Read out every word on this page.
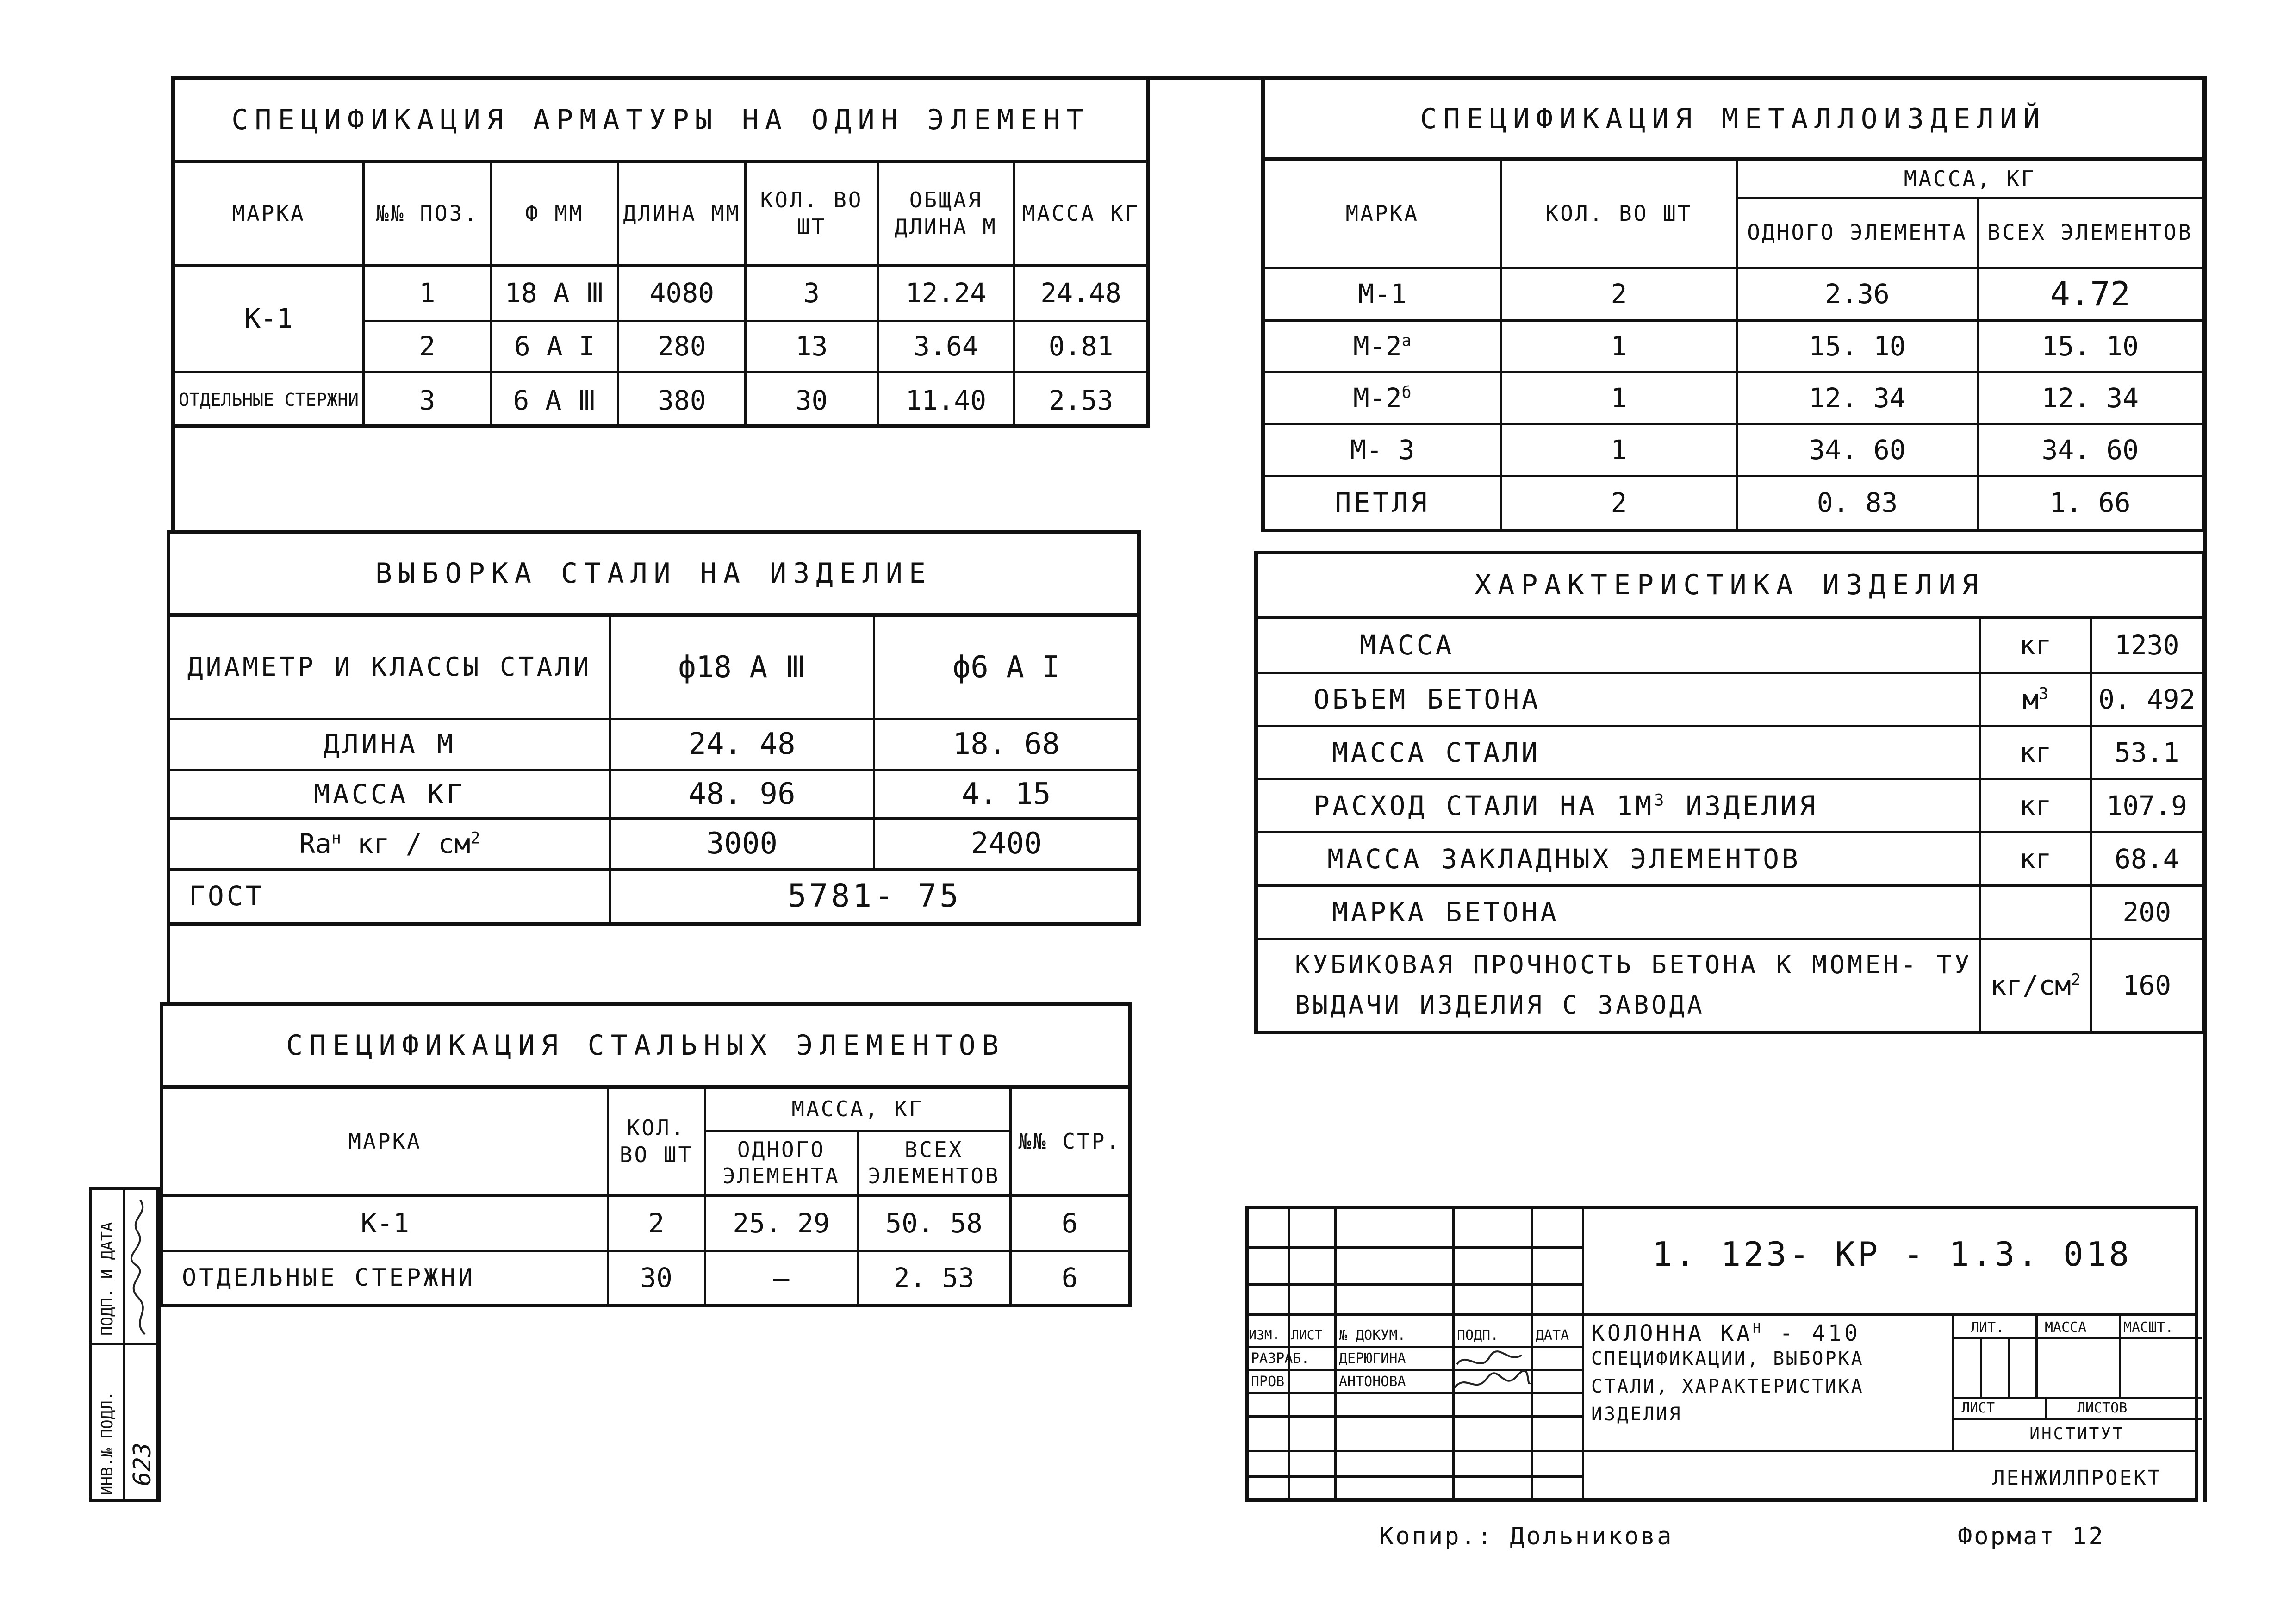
СПЕЦИФИКАЦИЯ АРМАТУРЫ НА ОДИН ЭЛЕМЕНТ
МАРКА	№№ ПОЗ.	Ф ММ	ДЛИНА ММ	КОЛ. ВО ШТ	ОБЩАЯ ДЛИНА М	МАССА КГ
К-1	1	18 А Ⅲ	4080	3	12.24	24.48
	2	6 А I	280	13	3.64	0.81
ОТДЕЛЬНЫЕ СТЕРЖНИ	3	6 А Ⅲ	380	30	11.40	2.53
ВЫБОРКА СТАЛИ НА ИЗДЕЛИЕ
ДИАМЕТР И КЛАССЫ СТАЛИ	ф18 А Ⅲ	ф6 А I
ДЛИНА М	24. 48	18. 68
МАССА КГ	48. 96	4. 15
$Ra^н$ кг / $см^2$	3000	2400
ГОСТ	5781- 75	
СПЕЦИФИКАЦИЯ СТАЛЬНЫХ ЭЛЕМЕНТОВ
МАРКА	КОЛ. ВО ШТ	МАССА, КГ		№№ СТР.
		ОДНОГО ЭЛЕМЕНТА	ВСЕХ ЭЛЕМЕНТОВ	
К-1	2	25. 29	50. 58	6
ОТДЕЛЬНЫЕ СТЕРЖНИ	30	–	2. 53	6
СПЕЦИФИКАЦИЯ МЕТАЛЛОИЗДЕЛИЙ
МАРКА	КОЛ. ВО ШТ	МАССА, КГ	
		ОДНОГО ЭЛЕМЕНТА	ВСЕХ ЭЛЕМЕНТОВ
М-1	2	2.36	4.72
$М-2^а$	1	15. 10	15. 10
$М-2^б$	1	12. 34	12. 34
М- 3	1	34. 60	34. 60
ПЕТЛЯ	2	0. 83	1. 66
ХАРАКТЕРИСТИКА ИЗДЕЛИЯ
МАССА	кг	1230
ОБЪЕМ БЕТОНА	$м^3$	0. 492
МАССА СТАЛИ	кг	53.1
РАСХОД СТАЛИ НА $1М^3$ ИЗДЕЛИЯ	кг	107.9
МАССА ЗАКЛАДНЫХ ЭЛЕМЕНТОВ	кг	68.4
МАРКА БЕТОНА		200
КУБИКОВАЯ ПРОЧНОСТЬ БЕТОНА К МОМЕН- ТУ ВЫДАЧИ ИЗДЕЛИЯ С ЗАВОДА	$кг/см^2$	160
ИНВ.№ ПОДЛ.
ПОДП. И ДАТА
623
ИЗМ. ЛИСТ № ДОКУМ.	ПОДП.	ДАТА
РАЗРАБ. ДЕРЮГИНА
ПРОВ.	АНТОНОВА
1. 123- КР - 1.3. 018
КОЛОННА $КА^Н - 410$
СПЕЦИФИКАЦИИ, ВЫБОРКА
СТАЛИ, ХАРАКТЕРИСТИКА
ИЗДЕЛИЯ
ЛИТ.	МАССА	МАСШТ.
ЛИСТ	ЛИСТОВ
ИНСТИТУТ
ЛЕНЖИЛПРОЕКТ
Копир.: Дольникова	Формат 12
